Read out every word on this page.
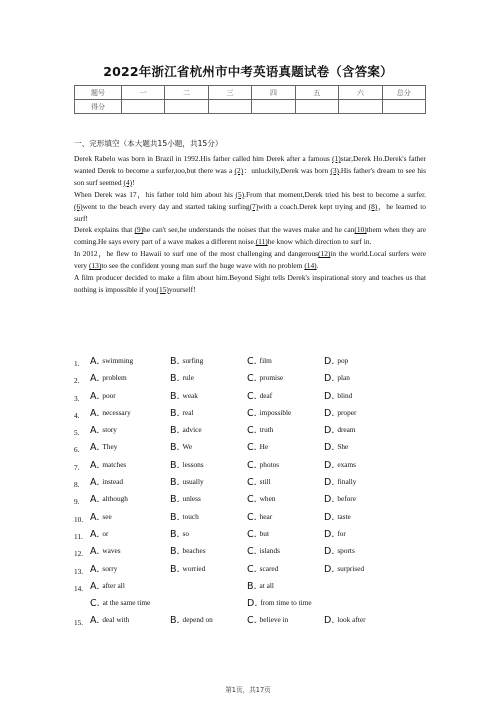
2022年浙江省杭州市中考英语真题试卷（含答案）
题号	一	二	三	四	五	六	总分
得分							
一、完形填空（本大题共15小题，共15分）

Derek Rabelo was born in Brazil in 1992.His father called him Derek after a famous (1)star,Derek Ho.Derek's father wanted Derek to become a surfer,too,but there was a (2)：unluckily,Derek was born (3).His father's dream to see his son surf seemed (4)!

When Derek was 17，his father told him about his (5).From that moment,Derek tried his best to become a surfer. (6)went to the beach every day and started taking surfing(7)with a coach.Derek kept trying and (8)，he learned to surf!

Derek explains that (9)he can't see,he understands the noises that the waves make and he can(10)them when they are coming.He says every part of a wave makes a different noise.(11)he know which direction to surf in.

In 2012，he flew to Hawaii to surf one of the most challenging and dangerous(12)in the world.Local surfers were very (13)to see the confident young man surf the huge wave with no problem (14).

A film producer decided to make a film about him.Beyond Sight tells Derek's inspirational story and teaches us that nothing is impossible if you(15)yourself!

1. A. swimming	B. surfing	C. film	D. pop
2. A. problem	B. rule	C. promise	D. plan
3. A. poor	B. weak	C. deaf	D. blind
4. A. necessary	B. real	C. impossible	D. proper
5. A. story	B. advice	C. truth	D. dream
6. A. They	B. We	C. He	D. She
7. A. matches	B. lessons	C. photos	D. exams
8. A. instead	B. usually	C. still	D. finally
9. A. although	B. unless	C. when	D. before
10. A. see	B. touch	C. hear	D. taste
11. A. or	B. so	C. but	D. for
12. A. waves	B. beaches	C. islands	D. sports
13. A. sorry	B. worried	C. scared	D. surprised
14. A. after all	B. at all
C. at the same time	D. from time to time
15. A. deal with	B. depend on	C. believe in	D. look after
第1页，共17页
